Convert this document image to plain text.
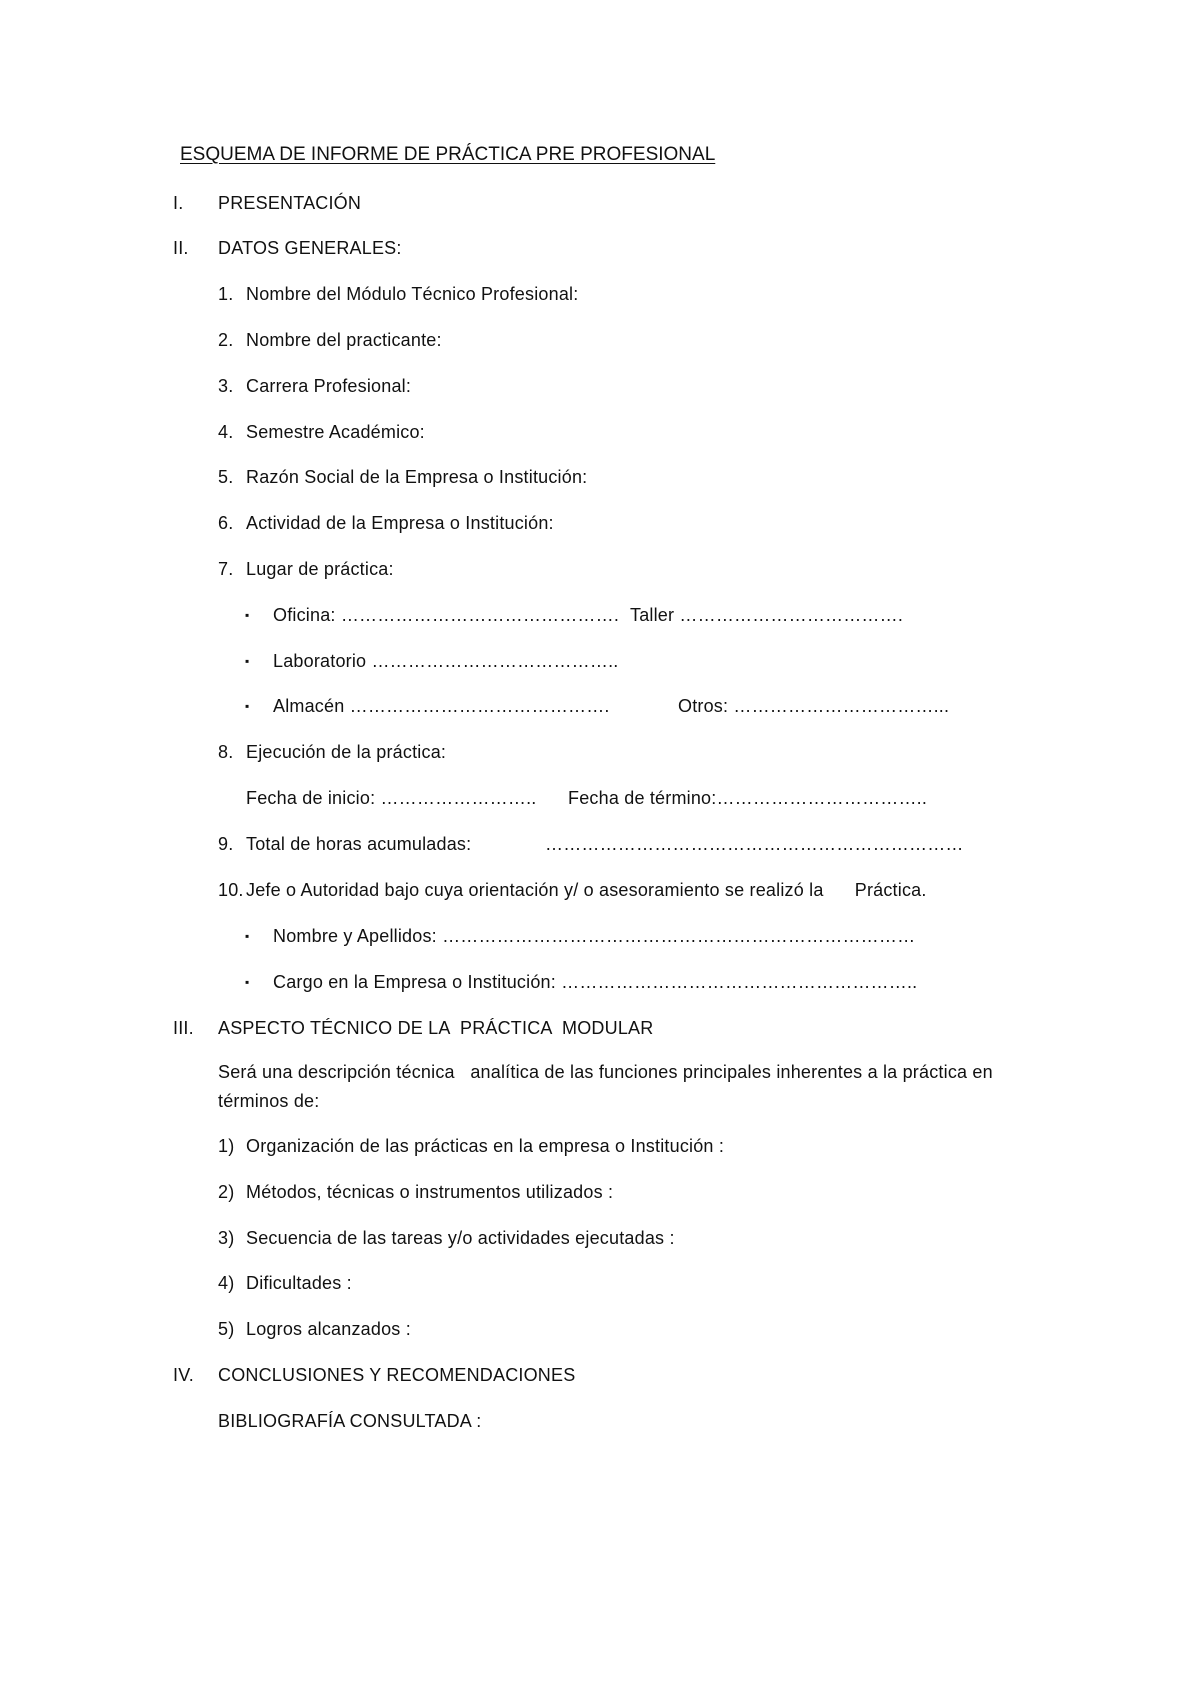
ESQUEMA DE INFORME DE PRÁCTICA PRE PROFESIONAL
I. PRESENTACIÓN
II. DATOS GENERALES:
1. Nombre del Módulo Técnico Profesional:
2. Nombre del practicante:
3. Carrera Profesional:
4. Semestre Académico:
5. Razón Social de la Empresa o Institución:
6. Actividad de la Empresa o Institución:
7. Lugar de práctica:
▪ Oficina: ………………………………………. Taller ……………………………….
▪ Laboratorio …………………………………..
▪ Almacén …………………………………….	Otros: ……………………………...
8. Ejecución de la práctica:
Fecha de inicio: …………………….. Fecha de término:……………………………..
9. Total de horas acumuladas:	……………………………………………………………
10. Jefe o Autoridad bajo cuya orientación y/ o asesoramiento se realizó la      Práctica.
▪ Nombre y Apellidos: ……………………………………………………………………
▪ Cargo en la Empresa o Institución: …………………………………………………..
III. ASPECTO TÉCNICO DE LA  PRÁCTICA  MODULAR
Será una descripción técnica   analítica de las funciones principales inherentes a la práctica en términos de:
1) Organización de las prácticas en la empresa o Institución :
2) Métodos, técnicas o instrumentos utilizados :
3) Secuencia de las tareas y/o actividades ejecutadas :
4) Dificultades :
5) Logros alcanzados :
IV. CONCLUSIONES Y RECOMENDACIONES
BIBLIOGRAFÍA CONSULTADA :
